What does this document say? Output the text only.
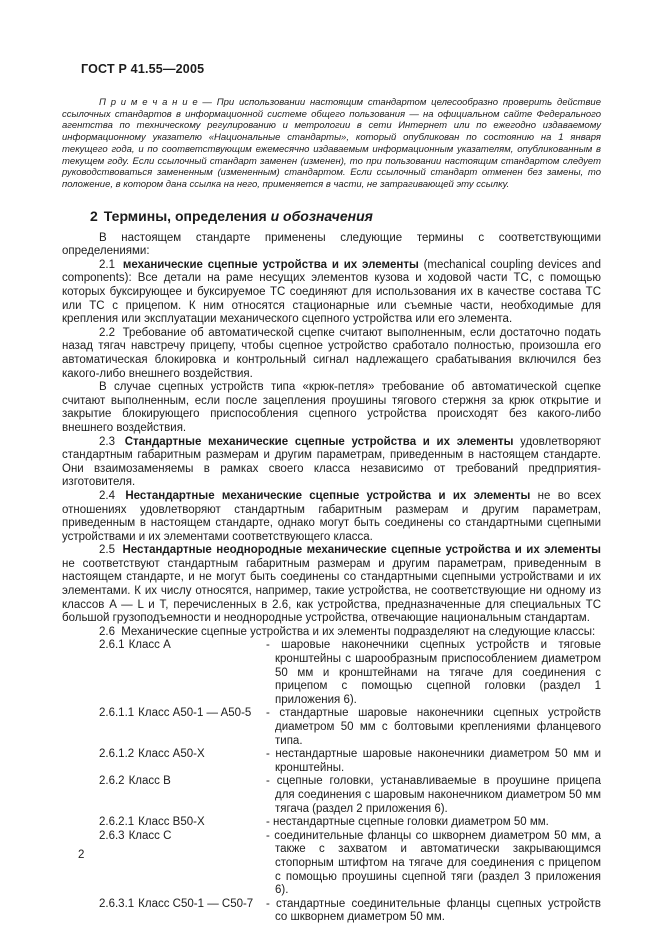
ГОСТ Р 41.55—2005

П р и м е ч а н и е — При использовании настоящим стандартом целесообразно проверить действие ссылочных стандартов в информационной системе общего пользования — на официальном сайте Федерального агентства по техническому регулированию и метрологии в сети Интернет или по ежегодно издаваемому информационному указателю «Национальные стандарты», который опубликован по состоянию на 1 января текущего года, и по соответствующим ежемесячно издаваемым информационным указателям, опубликованным в текущем году. Если ссылочный стандарт заменен (изменен), то при пользовании настоящим стандартом следует руководствоваться замененным (измененным) стандартом. Если ссылочный стандарт отменен без замены, то положение, в котором дана ссылка на него, применяется в части, не затрагивающей эту ссылку.

2 Термины, определения и обозначения

В настоящем стандарте применены следующие термины с соответствующими определениями:

2.1 механические сцепные устройства и их элементы (mechanical coupling devices and components): Все детали на раме несущих элементов кузова и ходовой части ТС, с помощью которых буксирующее и буксируемое ТС соединяют для использования их в качестве состава ТС или ТС с прицепом. К ним относятся стационарные или съемные части, необходимые для крепления или эксплуатации механического сцепного устройства или его элемента.

2.2 Требование об автоматической сцепке считают выполненным, если достаточно подать назад тягач навстречу прицепу, чтобы сцепное устройство сработало полностью, произошла его автоматическая блокировка и контрольный сигнал надлежащего срабатывания включился без какого-либо внешнего воздействия.

В случае сцепных устройств типа «крюк-петля» требование об автоматической сцепке считают выполненным, если после зацепления проушины тягового стержня за крюк открытие и закрытие блокирующего приспособления сцепного устройства происходят без какого-либо внешнего воздействия.

2.3 Стандартные механические сцепные устройства и их элементы удовлетворяют стандартным габаритным размерам и другим параметрам, приведенным в настоящем стандарте. Они взаимозаменяемы в рамках своего класса независимо от требований предприятия-изготовителя.

2.4 Нестандартные механические сцепные устройства и их элементы не во всех отношениях удовлетворяют стандартным габаритным размерам и другим параметрам, приведенным в настоящем стандарте, однако могут быть соединены со стандартными сцепными устройствами и их элементами соответствующего класса.

2.5 Нестандартные неоднородные механические сцепные устройства и их элементы не соответствуют стандартным габаритным размерам и другим параметрам, приведенным в настоящем стандарте, и не могут быть соединены со стандартными сцепными устройствами и их элементами. К их числу относятся, например, такие устройства, не соответствующие ни одному из классов A — L и T, перечисленных в 2.6, как устройства, предназначенные для специальных ТС большой грузоподъемности и неоднородные устройства, отвечающие национальным стандартам.

2.6 Механические сцепные устройства и их элементы подразделяют на следующие классы:

2.6.1 Класс A	- шаровые наконечники сцепных устройств и тяговые кронштейны с шарообразным приспособлением диаметром 50 мм и кронштейнами на тягаче для соединения с прицепом с помощью сцепной головки (раздел 1 приложения 6).
2.6.1.1 Класс A50-1 — A50-5	- стандартные шаровые наконечники сцепных устройств диаметром 50 мм с болтовыми креплениями фланцевого типа.
2.6.1.2 Класс A50-X	- нестандартные шаровые наконечники диаметром 50 мм и кронштейны.
2.6.2 Класс B	- сцепные головки, устанавливаемые в проушине прицепа для соединения с шаровым наконечником диаметром 50 мм тягача (раздел 2 приложения 6).
2.6.2.1 Класс B50-X	- нестандартные сцепные головки диаметром 50 мм.
2.6.3 Класс C	- соединительные фланцы со шкворнем диаметром 50 мм, а также с захватом и автоматически закрывающимся стопорным штифтом на тягаче для соединения с прицепом с помощью проушины сцепной тяги (раздел 3 приложения 6).
2.6.3.1 Класс C50-1 — C50-7	- стандартные соединительные фланцы сцепных устройств со шкворнем диаметром 50 мм.
2
